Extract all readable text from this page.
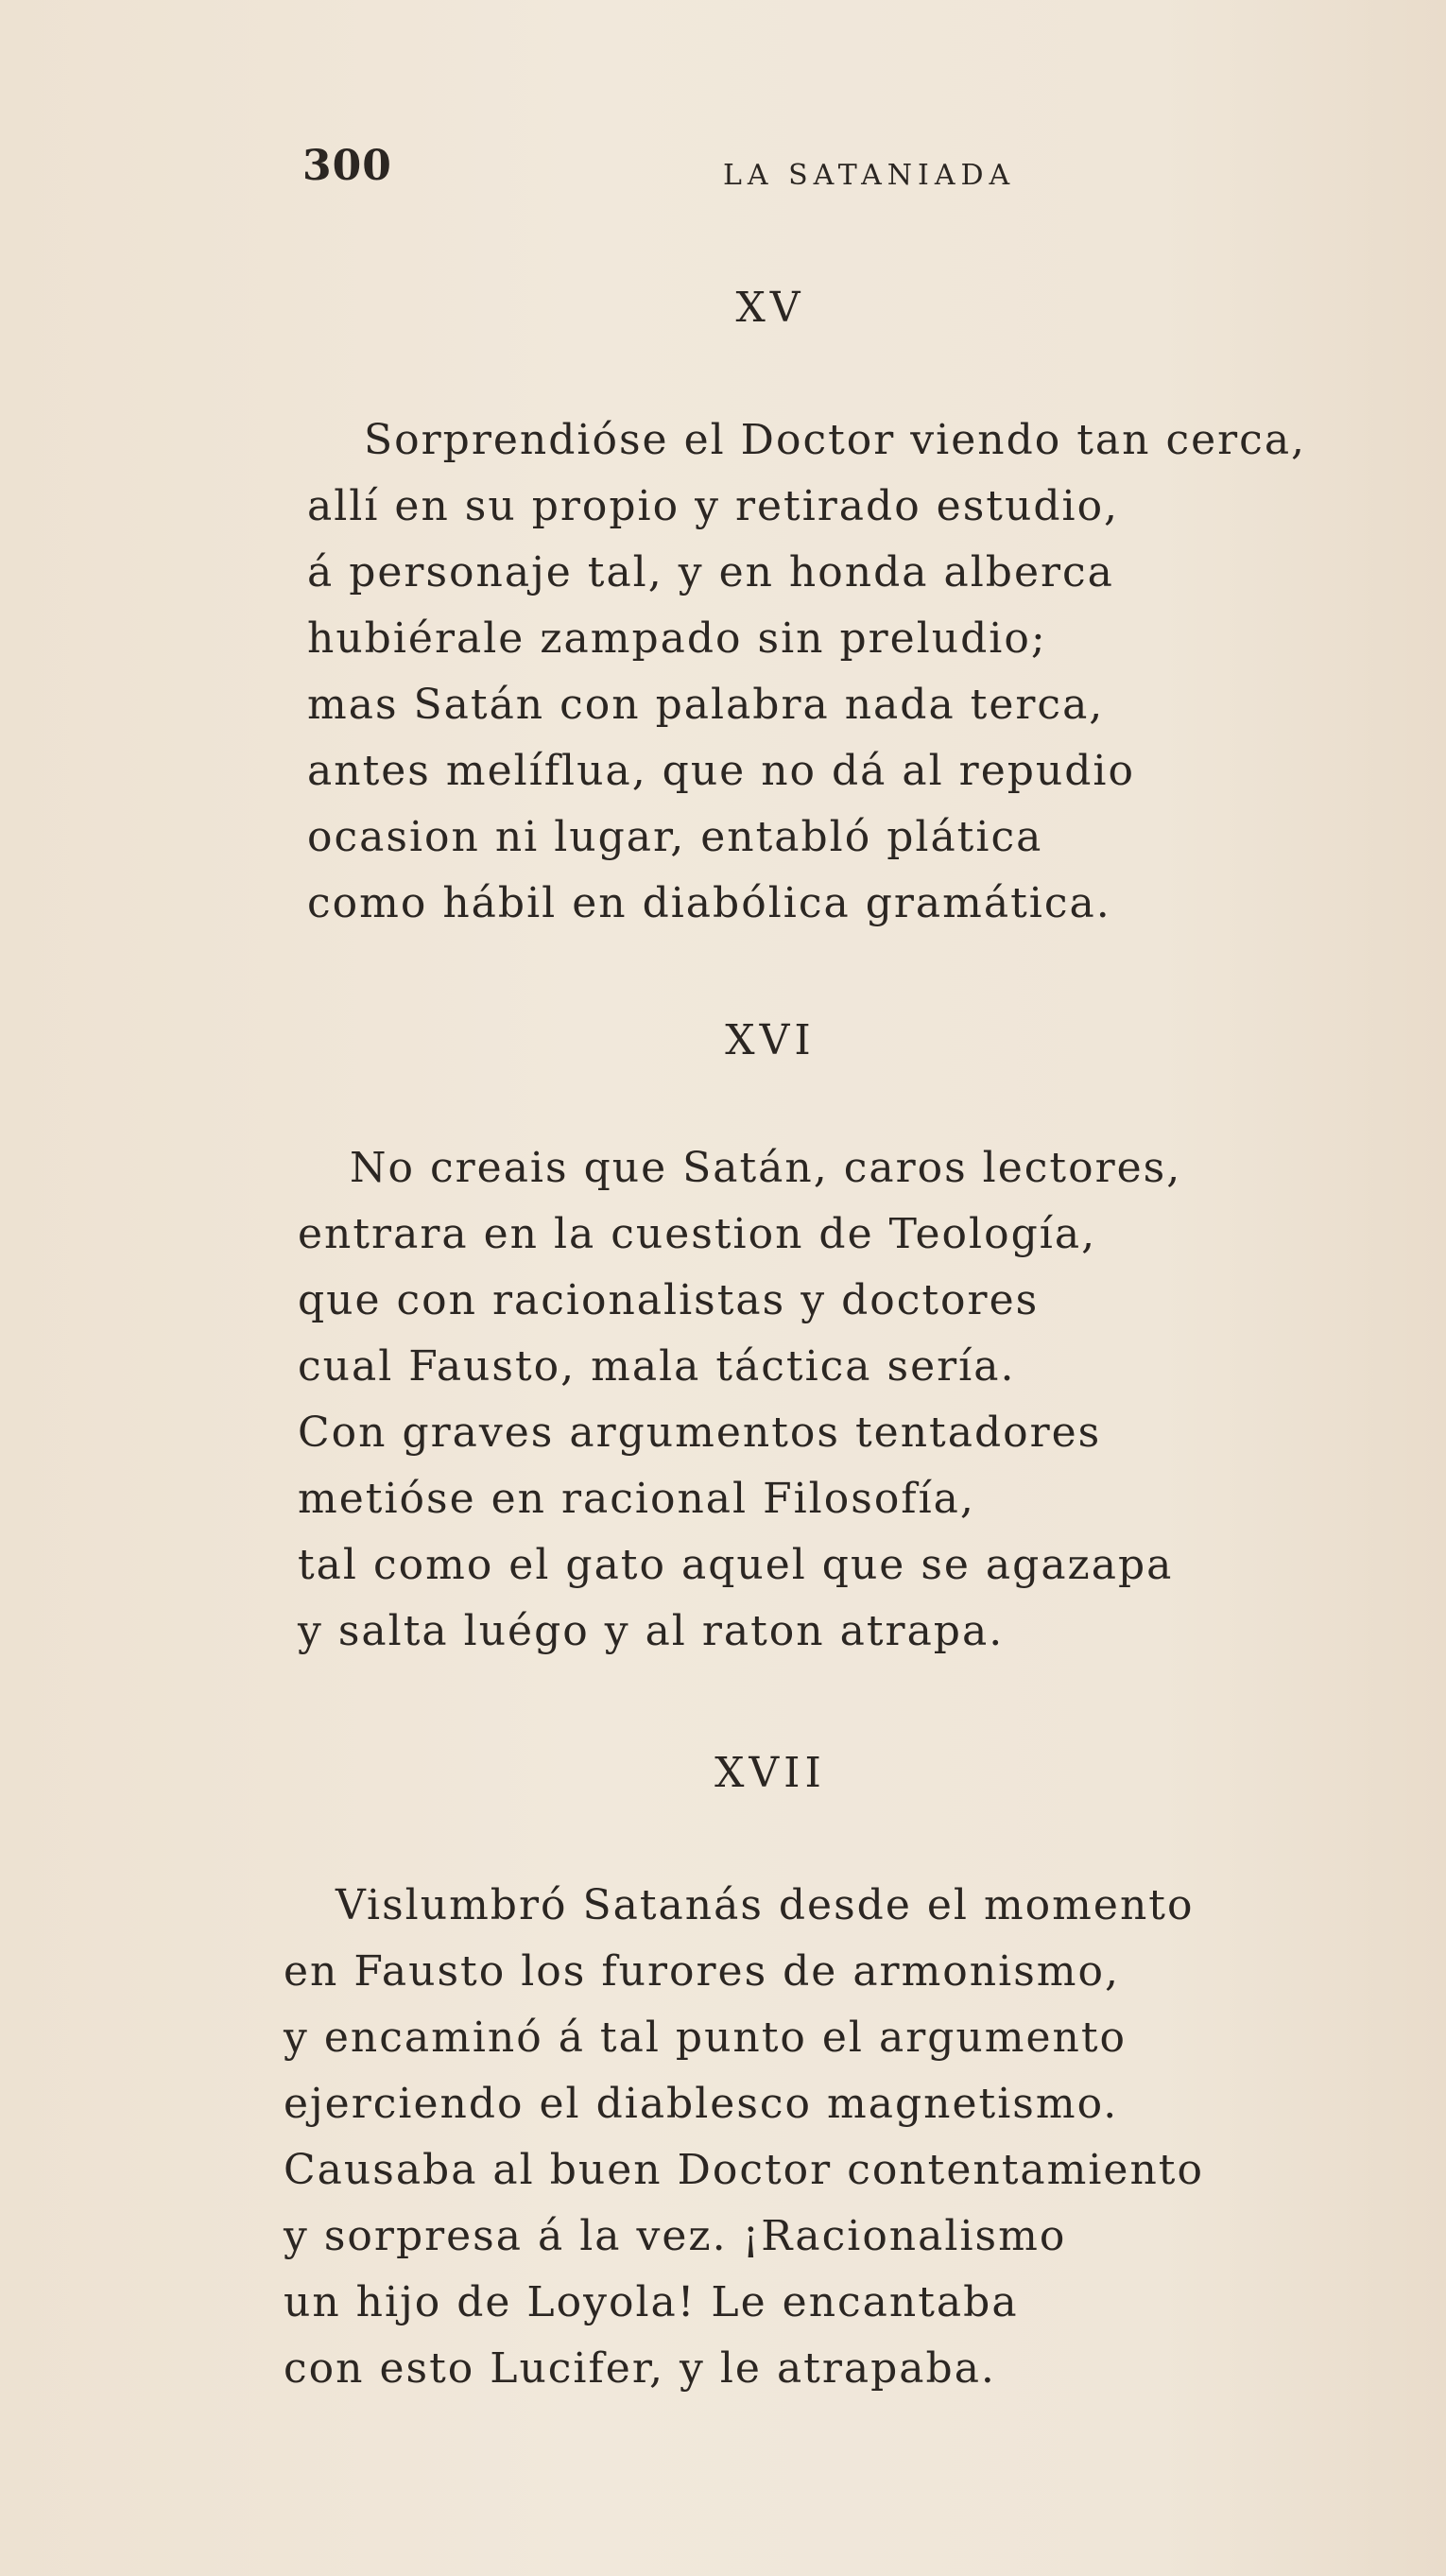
300	LA SATANIADA
XV
Sorprendióse el Doctor viendo tan cerca,
allí en su propio y retirado estudio,
á personaje tal, y en honda alberca
hubiérale zampado sin preludio;
mas Satán con palabra nada terca,
antes melíflua, que no dá al repudio
ocasion ni lugar, entabló plática
como hábil en diabólica gramática.
XVI
No creais que Satán, caros lectores,
entrara en la cuestion de Teología,
que con racionalistas y doctores
cual Fausto, mala táctica sería.
Con graves argumentos tentadores
metióse en racional Filosofía,
tal como el gato aquel que se agazapa
y salta luégo y al raton atrapa.
XVII
Vislumbró Satanás desde el momento
en Fausto los furores de armonismo,
y encaminó á tal punto el argumento
ejerciendo el diablesco magnetismo.
Causaba al buen Doctor contentamiento
y sorpresa á la vez. ¡Racionalismo
un hijo de Loyola! Le encantaba
con esto Lucifer, y le atrapaba.
